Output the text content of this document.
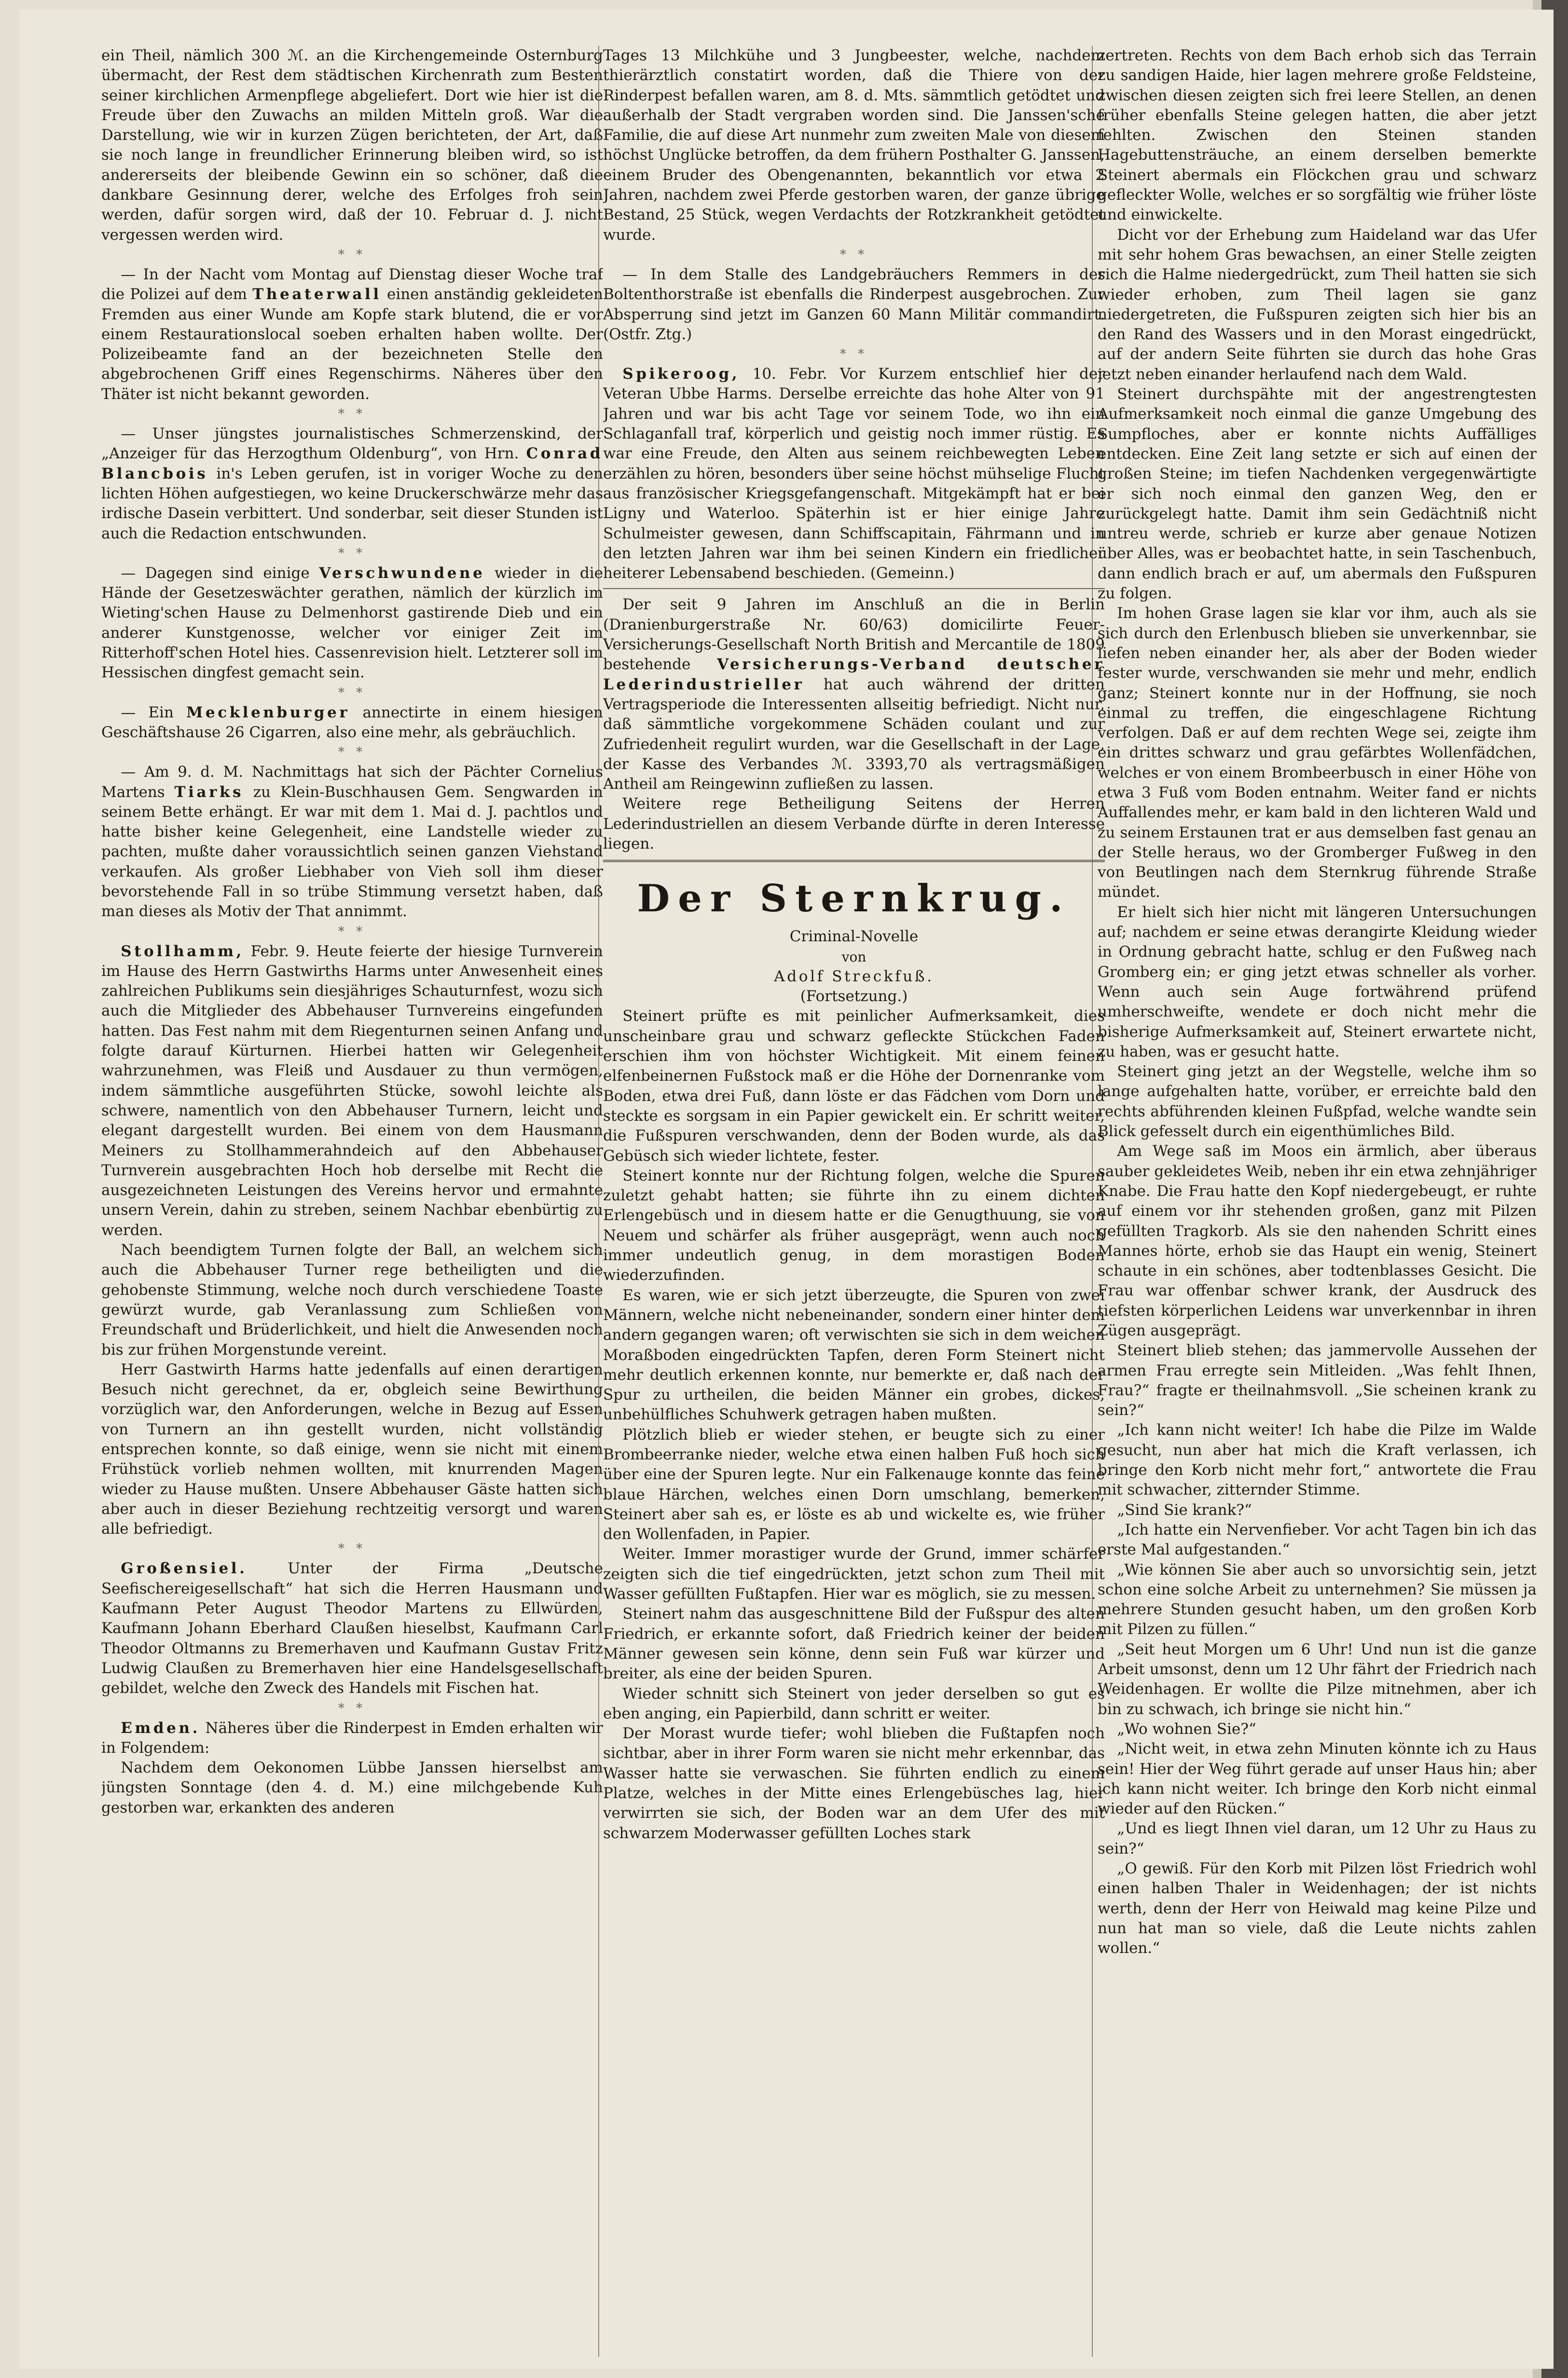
ein Theil, nämlich 300 ℳ. an die Kirchengemeinde Osternburg übermacht, der Rest dem städtischen Kirchenrath zum Besten seiner kirchlichen Armenpflege abgeliefert. Dort wie hier ist die Freude über den Zuwachs an milden Mitteln groß. War die Darstellung, wie wir in kurzen Zügen berichteten, der Art, daß sie noch lange in freundlicher Erinnerung bleiben wird, so ist andererseits der bleibende Gewinn ein so schöner, daß die dankbare Gesinnung derer, welche des Erfolges froh sein werden, dafür sorgen wird, daß der 10. Februar d. J. nicht vergessen werden wird.

* *

— In der Nacht vom Montag auf Dienstag dieser Woche traf die Polizei auf dem Theaterwall einen anständig gekleideten Fremden aus einer Wunde am Kopfe stark blutend, die er vor einem Restaurationslocal soeben erhalten haben wollte. Der Polizeibeamte fand an der bezeichneten Stelle den abgebrochenen Griff eines Regenschirms. Näheres über den Thäter ist nicht bekannt geworden.

* *

— Unser jüngstes journalistisches Schmerzenskind, der „Anzeiger für das Herzogthum Oldenburg“, von Hrn. Conrad Blancbois in's Leben gerufen, ist in voriger Woche zu den lichten Höhen aufgestiegen, wo keine Druckerschwärze mehr das irdische Dasein verbittert. Und sonderbar, seit dieser Stunden ist auch die Redaction entschwunden.

* *

— Dagegen sind einige Verschwundene wieder in die Hände der Gesetzeswächter gerathen, nämlich der kürzlich im Wieting'schen Hause zu Delmenhorst gastirende Dieb und ein anderer Kunstgenosse, welcher vor einiger Zeit im Ritterhoff'schen Hotel hies. Cassenrevision hielt. Letzterer soll im Hessischen dingfest gemacht sein.

* *

— Ein Mecklenburger annectirte in einem hiesigen Geschäftshause 26 Cigarren, also eine mehr, als gebräuchlich.

* *

— Am 9. d. M. Nachmittags hat sich der Pächter Cornelius Martens Tiarks zu Klein-Buschhausen Gem. Sengwarden in seinem Bette erhängt. Er war mit dem 1. Mai d. J. pachtlos und hatte bisher keine Gelegenheit, eine Landstelle wieder zu pachten, mußte daher voraussichtlich seinen ganzen Viehstand verkaufen. Als großer Liebhaber von Vieh soll ihm dieser bevorstehende Fall in so trübe Stimmung versetzt haben, daß man dieses als Motiv der That annimmt.

* *

Stollhamm, Febr. 9. Heute feierte der hiesige Turnverein im Hause des Herrn Gastwirths Harms unter Anwesenheit eines zahlreichen Publikums sein diesjähriges Schauturnfest, wozu sich auch die Mitglieder des Abbehauser Turnvereins eingefunden hatten. Das Fest nahm mit dem Riegenturnen seinen Anfang und folgte darauf Kürturnen. Hierbei hatten wir Gelegenheit wahrzunehmen, was Fleiß und Ausdauer zu thun vermögen, indem sämmtliche ausgeführten Stücke, sowohl leichte als schwere, namentlich von den Abbehauser Turnern, leicht und elegant dargestellt wurden. Bei einem von dem Hausmann Meiners zu Stollhammerahndeich auf den Abbehauser Turnverein ausgebrachten Hoch hob derselbe mit Recht die ausgezeichneten Leistungen des Vereins hervor und ermahnte unsern Verein, dahin zu streben, seinem Nachbar ebenbürtig zu werden.

Nach beendigtem Turnen folgte der Ball, an welchem sich auch die Abbehauser Turner rege betheiligten und die gehobenste Stimmung, welche noch durch verschiedene Toaste gewürzt wurde, gab Veranlassung zum Schließen von Freundschaft und Brüderlichkeit, und hielt die Anwesenden noch bis zur frühen Morgenstunde vereint.

Herr Gastwirth Harms hatte jedenfalls auf einen derartigen Besuch nicht gerechnet, da er, obgleich seine Bewirthung vorzüglich war, den Anforderungen, welche in Bezug auf Essen von Turnern an ihn gestellt wurden, nicht vollständig entsprechen konnte, so daß einige, wenn sie nicht mit einem Frühstück vorlieb nehmen wollten, mit knurrenden Magen wieder zu Hause mußten. Unsere Abbehauser Gäste hatten sich aber auch in dieser Beziehung rechtzeitig versorgt und waren alle befriedigt.

* *

Großensiel. Unter der Firma „Deutsche Seefischereigesellschaft“ hat sich die Herren Hausmann und Kaufmann Peter August Theodor Martens zu Ellwürden, Kaufmann Johann Eberhard Claußen hieselbst, Kaufmann Carl Theodor Oltmanns zu Bremerhaven und Kaufmann Gustav Fritz Ludwig Claußen zu Bremerhaven hier eine Handelsgesellschaft gebildet, welche den Zweck des Handels mit Fischen hat.

* *

Emden. Näheres über die Rinderpest in Emden erhalten wir in Folgendem:

Nachdem dem Oekonomen Lübbe Janssen hierselbst am jüngsten Sonntage (den 4. d. M.) eine milchgebende Kuh gestorben war, erkankten des anderen

Tages 13 Milchkühe und 3 Jungbeester, welche, nachdem thierärztlich constatirt worden, daß die Thiere von der Rinderpest befallen waren, am 8. d. Mts. sämmtlich getödtet und außerhalb der Stadt vergraben worden sind. Die Janssen'sche Familie, die auf diese Art nunmehr zum zweiten Male von diesem höchst Unglücke betroffen, da dem frühern Posthalter G. Janssen, einem Bruder des Obengenannten, bekanntlich vor etwa 2 Jahren, nachdem zwei Pferde gestorben waren, der ganze übrige Bestand, 25 Stück, wegen Verdachts der Rotzkrankheit getödtet wurde.

* *

— In dem Stalle des Landgebräuchers Remmers in der Boltenthorstraße ist ebenfalls die Rinderpest ausgebrochen. Zur Absperrung sind jetzt im Ganzen 60 Mann Militär commandirt. (Ostfr. Ztg.)

* *

Spikeroog, 10. Febr. Vor Kurzem entschlief hier der Veteran Ubbe Harms. Derselbe erreichte das hohe Alter von 91 Jahren und war bis acht Tage vor seinem Tode, wo ihn ein Schlaganfall traf, körperlich und geistig noch immer rüstig. Es war eine Freude, den Alten aus seinem reichbewegten Leben erzählen zu hören, besonders über seine höchst mühselige Flucht aus französischer Kriegsgefangenschaft. Mitgekämpft hat er bei Ligny und Waterloo. Späterhin ist er hier einige Jahre Schulmeister gewesen, dann Schiffscapitain, Fährmann und in den letzten Jahren war ihm bei seinen Kindern ein friedlicher heiterer Lebensabend beschieden. (Gemeinn.)

Der seit 9 Jahren im Anschluß an die in Berlin (Dranienburgerstraße Nr. 60/63) domicilirte Feuer-Versicherungs-Gesellschaft North British and Mercantile de 1809 bestehende Versicherungs-Verband deutscher Lederindustrieller hat auch während der dritten Vertragsperiode die Interessenten allseitig befriedigt. Nicht nur, daß sämmtliche vorgekommene Schäden coulant und zur Zufriedenheit regulirt wurden, war die Gesellschaft in der Lage, der Kasse des Verbandes ℳ. 3393,70 als vertragsmäßigen Antheil am Reingewinn zufließen zu lassen.

Weitere rege Betheiligung Seitens der Herren Lederindustriellen an diesem Verbande dürfte in deren Interesse liegen.

Der Sternkrug.

Criminal-Novelle

von

Adolf Streckfuß.

(Fortsetzung.)

Steinert prüfte es mit peinlicher Aufmerksamkeit, dies unscheinbare grau und schwarz gefleckte Stückchen Faden erschien ihm von höchster Wichtigkeit. Mit einem feinen elfenbeinernen Fußstock maß er die Höhe der Dornenranke vom Boden, etwa drei Fuß, dann löste er das Fädchen vom Dorn und steckte es sorgsam in ein Papier gewickelt ein. Er schritt weiter, die Fußspuren verschwanden, denn der Boden wurde, als das Gebüsch sich wieder lichtete, fester.

Steinert konnte nur der Richtung folgen, welche die Spuren zuletzt gehabt hatten; sie führte ihn zu einem dichten Erlengebüsch und in diesem hatte er die Genugthuung, sie von Neuem und schärfer als früher ausgeprägt, wenn auch noch immer undeutlich genug, in dem morastigen Boden wiederzufinden.

Es waren, wie er sich jetzt überzeugte, die Spuren von zwei Männern, welche nicht nebeneinander, sondern einer hinter dem andern gegangen waren; oft verwischten sie sich in dem weichen Moraßboden eingedrückten Tapfen, deren Form Steinert nicht mehr deutlich erkennen konnte, nur bemerkte er, daß nach der Spur zu urtheilen, die beiden Männer ein grobes, dickes, unbehülfliches Schuhwerk getragen haben mußten.

Plötzlich blieb er wieder stehen, er beugte sich zu einer Brombeerranke nieder, welche etwa einen halben Fuß hoch sich über eine der Spuren legte. Nur ein Falkenauge konnte das feine blaue Härchen, welches einen Dorn umschlang, bemerken, Steinert aber sah es, er löste es ab und wickelte es, wie früher den Wollenfaden, in Papier.

Weiter. Immer morastiger wurde der Grund, immer schärfer zeigten sich die tief eingedrückten, jetzt schon zum Theil mit Wasser gefüllten Fußtapfen. Hier war es möglich, sie zu messen.

Steinert nahm das ausgeschnittene Bild der Fußspur des alten Friedrich, er erkannte sofort, daß Friedrich keiner der beiden Männer gewesen sein könne, denn sein Fuß war kürzer und breiter, als eine der beiden Spuren.

Wieder schnitt sich Steinert von jeder derselben so gut es eben anging, ein Papierbild, dann schritt er weiter.

Der Morast wurde tiefer; wohl blieben die Fußtapfen noch sichtbar, aber in ihrer Form waren sie nicht mehr erkennbar, das Wasser hatte sie verwaschen. Sie führten endlich zu einem Platze, welches in der Mitte eines Erlengebüsches lag, hier verwirrten sie sich, der Boden war an dem Ufer des mit schwarzem Moderwasser gefüllten Loches stark

zertreten. Rechts von dem Bach erhob sich das Terrain zu sandigen Haide, hier lagen mehrere große Feldsteine, zwischen diesen zeigten sich frei leere Stellen, an denen früher ebenfalls Steine gelegen hatten, die aber jetzt fehlten. Zwischen den Steinen standen Hagebuttensträuche, an einem derselben bemerkte Steinert abermals ein Flöckchen grau und schwarz gefleckter Wolle, welches er so sorgfältig wie früher löste und einwickelte.

Dicht vor der Erhebung zum Haideland war das Ufer mit sehr hohem Gras bewachsen, an einer Stelle zeigten sich die Halme niedergedrückt, zum Theil hatten sie sich wieder erhoben, zum Theil lagen sie ganz niedergetreten, die Fußspuren zeigten sich hier bis an den Rand des Wassers und in den Morast eingedrückt, auf der andern Seite führten sie durch das hohe Gras jetzt neben einander herlaufend nach dem Wald.

Steinert durchspähte mit der angestrengtesten Aufmerksamkeit noch einmal die ganze Umgebung des Sumpfloches, aber er konnte nichts Auffälliges entdecken. Eine Zeit lang setzte er sich auf einen der großen Steine; im tiefen Nachdenken vergegenwärtigte er sich noch einmal den ganzen Weg, den er zurückgelegt hatte. Damit ihm sein Gedächtniß nicht untreu werde, schrieb er kurze aber genaue Notizen über Alles, was er beobachtet hatte, in sein Taschenbuch, dann endlich brach er auf, um abermals den Fußspuren zu folgen.

Im hohen Grase lagen sie klar vor ihm, auch als sie sich durch den Erlenbusch blieben sie unverkennbar, sie liefen neben einander her, als aber der Boden wieder fester wurde, verschwanden sie mehr und mehr, endlich ganz; Steinert konnte nur in der Hoffnung, sie noch einmal zu treffen, die eingeschlagene Richtung verfolgen. Daß er auf dem rechten Wege sei, zeigte ihm ein drittes schwarz und grau gefärbtes Wollenfädchen, welches er von einem Brombeerbusch in einer Höhe von etwa 3 Fuß vom Boden entnahm. Weiter fand er nichts Auffallendes mehr, er kam bald in den lichteren Wald und zu seinem Erstaunen trat er aus demselben fast genau an der Stelle heraus, wo der Gromberger Fußweg in den von Beutlingen nach dem Sternkrug führende Straße mündet.

Er hielt sich hier nicht mit längeren Untersuchungen auf; nachdem er seine etwas derangirte Kleidung wieder in Ordnung gebracht hatte, schlug er den Fußweg nach Gromberg ein; er ging jetzt etwas schneller als vorher. Wenn auch sein Auge fortwährend prüfend umherschweifte, wendete er doch nicht mehr die bisherige Aufmerksamkeit auf, Steinert erwartete nicht, zu haben, was er gesucht hatte.

Steinert ging jetzt an der Wegstelle, welche ihm so lange aufgehalten hatte, vorüber, er erreichte bald den rechts abführenden kleinen Fußpfad, welche wandte sein Blick gefesselt durch ein eigenthümliches Bild.

Am Wege saß im Moos ein ärmlich, aber überaus sauber gekleidetes Weib, neben ihr ein etwa zehnjähriger Knabe. Die Frau hatte den Kopf niedergebeugt, er ruhte auf einem vor ihr stehenden großen, ganz mit Pilzen gefüllten Tragkorb. Als sie den nahenden Schritt eines Mannes hörte, erhob sie das Haupt ein wenig, Steinert schaute in ein schönes, aber todtenblasses Gesicht. Die Frau war offenbar schwer krank, der Ausdruck des tiefsten körperlichen Leidens war unverkennbar in ihren Zügen ausgeprägt.

Steinert blieb stehen; das jammervolle Aussehen der armen Frau erregte sein Mitleiden. „Was fehlt Ihnen, Frau?“ fragte er theilnahmsvoll. „Sie scheinen krank zu sein?“

„Ich kann nicht weiter! Ich habe die Pilze im Walde gesucht, nun aber hat mich die Kraft verlassen, ich bringe den Korb nicht mehr fort,“ antwortete die Frau mit schwacher, zitternder Stimme.

„Sind Sie krank?“

„Ich hatte ein Nervenfieber. Vor acht Tagen bin ich das erste Mal aufgestanden.“

„Wie können Sie aber auch so unvorsichtig sein, jetzt schon eine solche Arbeit zu unternehmen? Sie müssen ja mehrere Stunden gesucht haben, um den großen Korb mit Pilzen zu füllen.“

„Seit heut Morgen um 6 Uhr! Und nun ist die ganze Arbeit umsonst, denn um 12 Uhr fährt der Friedrich nach Weidenhagen. Er wollte die Pilze mitnehmen, aber ich bin zu schwach, ich bringe sie nicht hin.“

„Wo wohnen Sie?“

„Nicht weit, in etwa zehn Minuten könnte ich zu Haus sein! Hier der Weg führt gerade auf unser Haus hin; aber ich kann nicht weiter. Ich bringe den Korb nicht einmal wieder auf den Rücken.“

„Und es liegt Ihnen viel daran, um 12 Uhr zu Haus zu sein?“

„O gewiß. Für den Korb mit Pilzen löst Friedrich wohl einen halben Thaler in Weidenhagen; der ist nichts werth, denn der Herr von Heiwald mag keine Pilze und nun hat man so viele, daß die Leute nichts zahlen wollen.“
